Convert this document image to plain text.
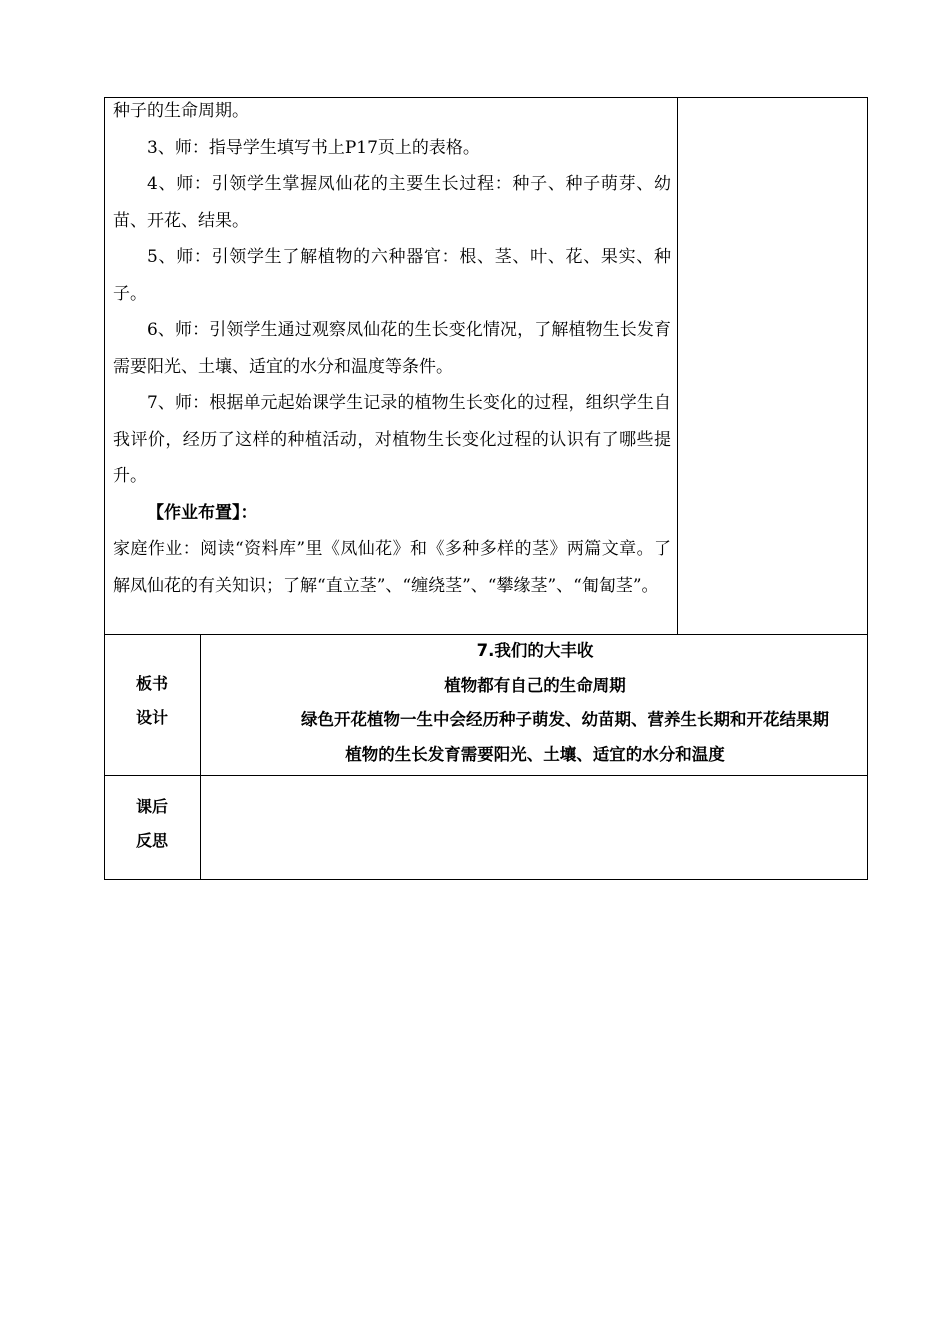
种子的生命周期。

3、师：指导学生填写书上P17页上的表格。

4、师：引领学生掌握凤仙花的主要生长过程：种子、种子萌芽、幼苗、开花、结果。

5、师：引领学生了解植物的六种器官：根、茎、叶、花、果实、种子。

6、师：引领学生通过观察凤仙花的生长变化情况，了解植物生长发育需要阳光、土壤、适宜的水分和温度等条件。

7、师：根据单元起始课学生记录的植物生长变化的过程，组织学生自我评价，经历了这样的种植活动，对植物生长变化过程的认识有了哪些提升。

【作业布置】：

家庭作业：阅读“资料库”里《凤仙花》和《多种多样的茎》两篇文章。了解凤仙花的有关知识；了解“直立茎”、“缠绕茎”、“攀缘茎”、“匍匐茎”。

板书
设计
7.我们的大丰收
植物都有自己的生命周期
绿色开花植物一生中会经历种子萌发、幼苗期、营养生长期和开花结果期
植物的生长发育需要阳光、土壤、适宜的水分和温度
课后
反思
